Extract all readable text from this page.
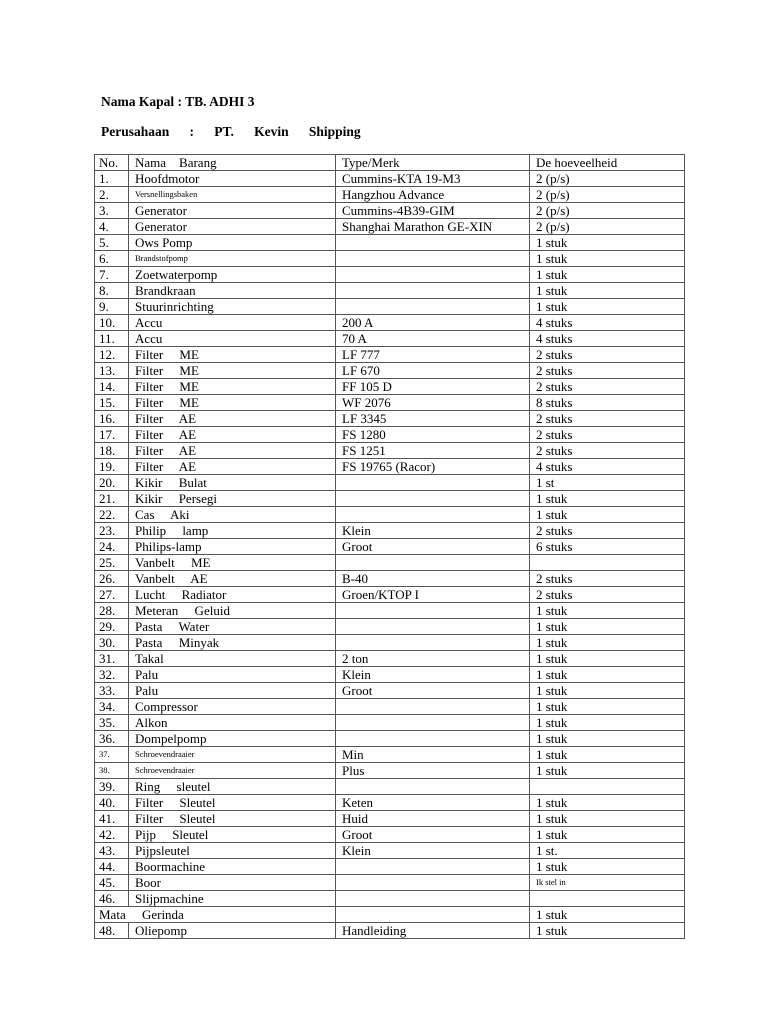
Nama Kapal : TB. ADHI 3
Perusahaan      :      PT.      Kevin      Shipping
No.	Nama    Barang	Type/Merk	De hoeveelheid
1.	Hoofdmotor	Cummins-KTA 19-M3	2 (p/s)
2.	Versnellingsbaken	Hangzhou Advance	2 (p/s)
3.	Generator	Cummins-4B39-GIM	2 (p/s)
4.	Generator	Shanghai Marathon GE-XIN	2 (p/s)
5.	Ows Pomp		1 stuk
6.	Brandstofpomp		1 stuk
7.	Zoetwaterpomp		1 stuk
8.	Brandkraan		1 stuk
9.	Stuurinrichting		1 stuk
10.	Accu	200 A	4 stuks
11.	Accu	70 A	4 stuks
12.	Filter     ME	LF 777	2 stuks
13.	Filter     ME	LF 670	2 stuks
14.	Filter     ME	FF 105 D	2 stuks
15.	Filter     ME	WF 2076	8 stuks
16.	Filter     AE	LF 3345	2 stuks
17.	Filter     AE	FS 1280	2 stuks
18.	Filter     AE	FS 1251	2 stuks
19.	Filter     AE	FS 19765 (Racor)	4 stuks
20.	Kikir     Bulat		1 st
21.	Kikir     Persegi		1 stuk
22.	Cas     Aki		1 stuk
23.	Philip     lamp	Klein	2 stuks
24.	Philips-lamp	Groot	6 stuks
25.	Vanbelt     ME		
26.	Vanbelt     AE	B-40	2 stuks
27.	Lucht     Radiator	Groen/KTOP I	2 stuks
28.	Meteran     Geluid		1 stuk
29.	Pasta     Water		1 stuk
30.	Pasta     Minyak		1 stuk
31.	Takal	2 ton	1 stuk
32.	Palu	Klein	1 stuk
33.	Palu	Groot	1 stuk
34.	Compressor		1 stuk
35.	Alkon		1 stuk
36.	Dompelpomp		1 stuk
37.	Schroevendraaier	Min	1 stuk
38.	Schroevendraaier	Plus	1 stuk
39.	Ring     sleutel		
40.	Filter     Sleutel	Keten	1 stuk
41.	Filter     Sleutel	Huid	1 stuk
42.	Pijp     Sleutel	Groot	1 stuk
43.	Pijpsleutel	Klein	1 st.
44.	Boormachine		1 stuk
45.	Boor		Ik stel in
46.	Slijpmachine		
Mata     Gerinda			1 stuk
48.	Oliepomp	Handleiding	1 stuk
